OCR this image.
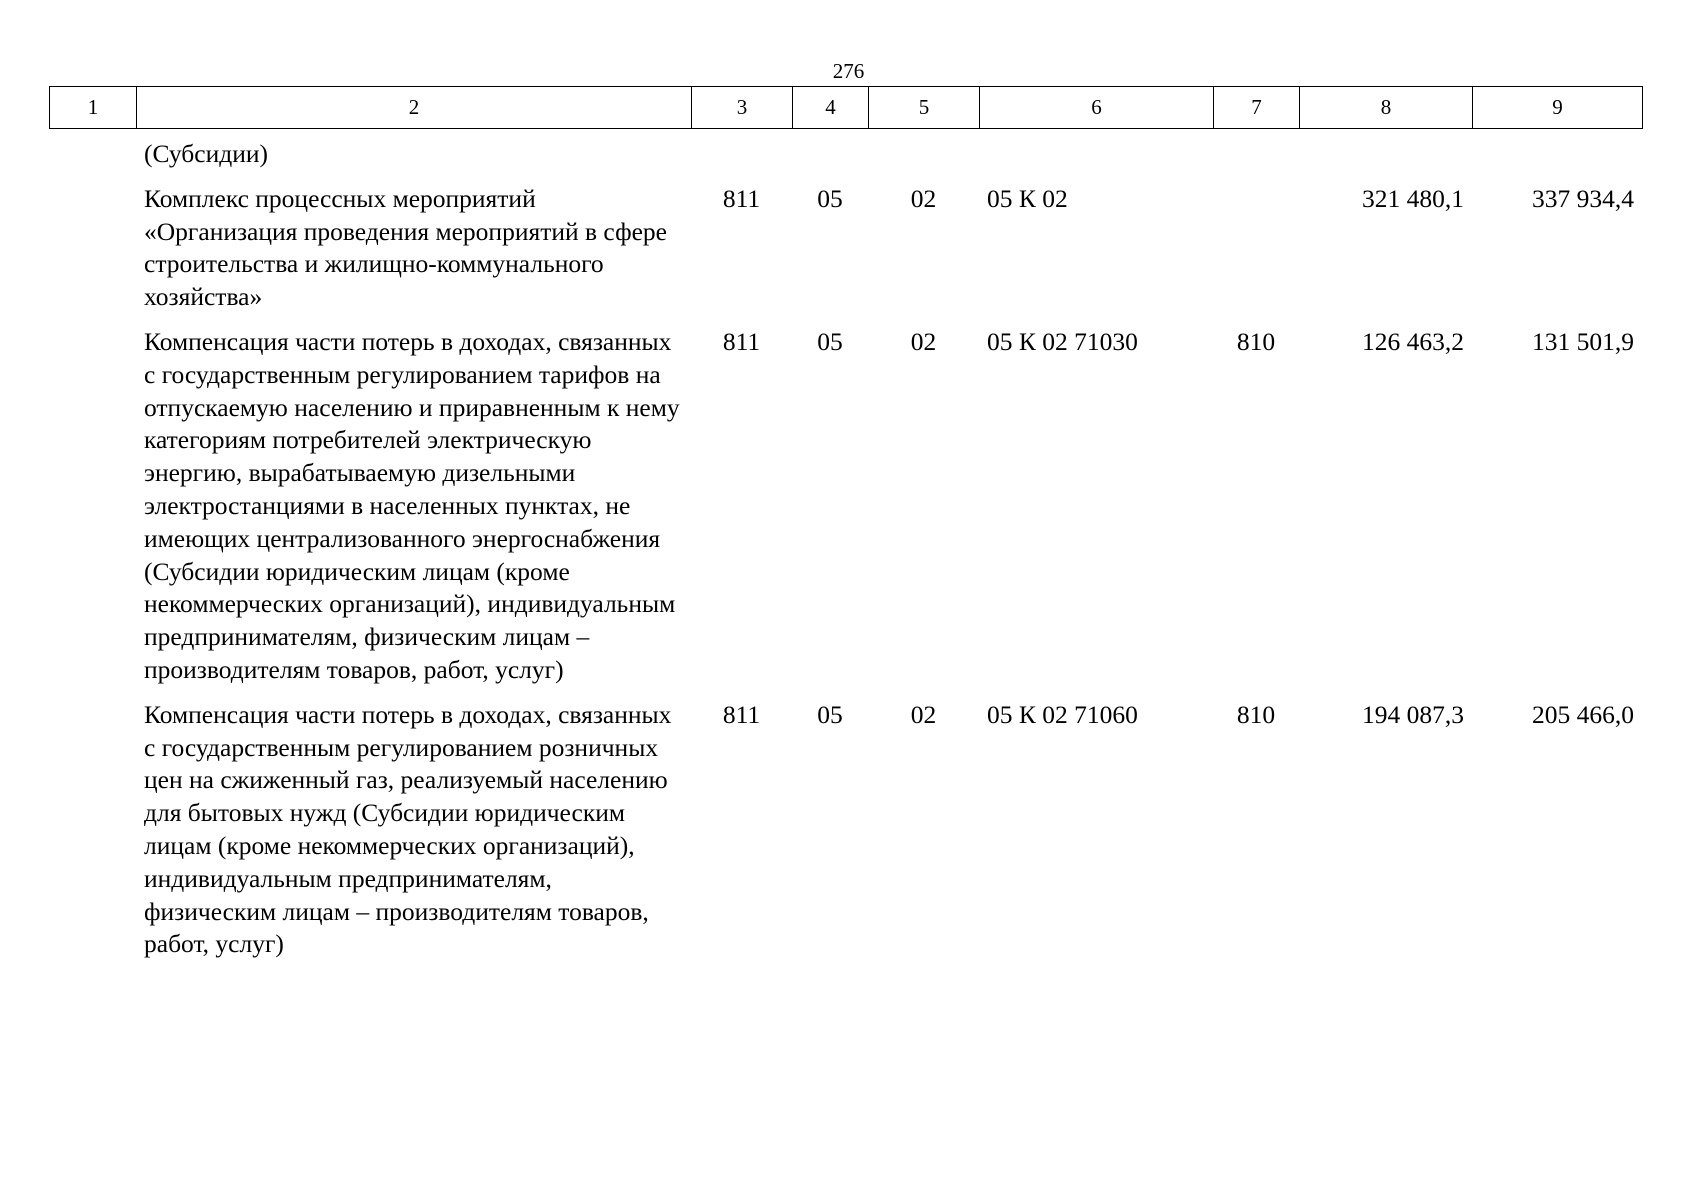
276
1	2	3	4	5	6	7	8	9
(Субсидии)							
Комплекс процессных мероприятий «Организация проведения мероприятий в сфере строительства и жилищно-коммунального хозяйства»	811	05	02	05 К 02		321 480,1	337 934,4
Компенсация части потерь в доходах, связанных с государственным регулированием тарифов на отпускаемую населению и приравненным к нему категориям потребителей электрическую энергию, вырабатываемую дизельными электростанциями в населенных пунктах, не имеющих централизованного энергоснабжения (Субсидии юридическим лицам (кроме некоммерческих организаций), индивидуальным предпринимателям, физическим лицам – производителям товаров, работ, услуг)	811	05	02	05 К 02 71030	810	126 463,2	131 501,9
Компенсация части потерь в доходах, связанных с государственным регулированием розничных цен на сжиженный газ, реализуемый населению для бытовых нужд (Субсидии юридическим лицам (кроме некоммерческих организаций), индивидуальным предпринимателям, физическим лицам – производителям товаров, работ, услуг)	811	05	02	05 К 02 71060	810	194 087,3	205 466,0
